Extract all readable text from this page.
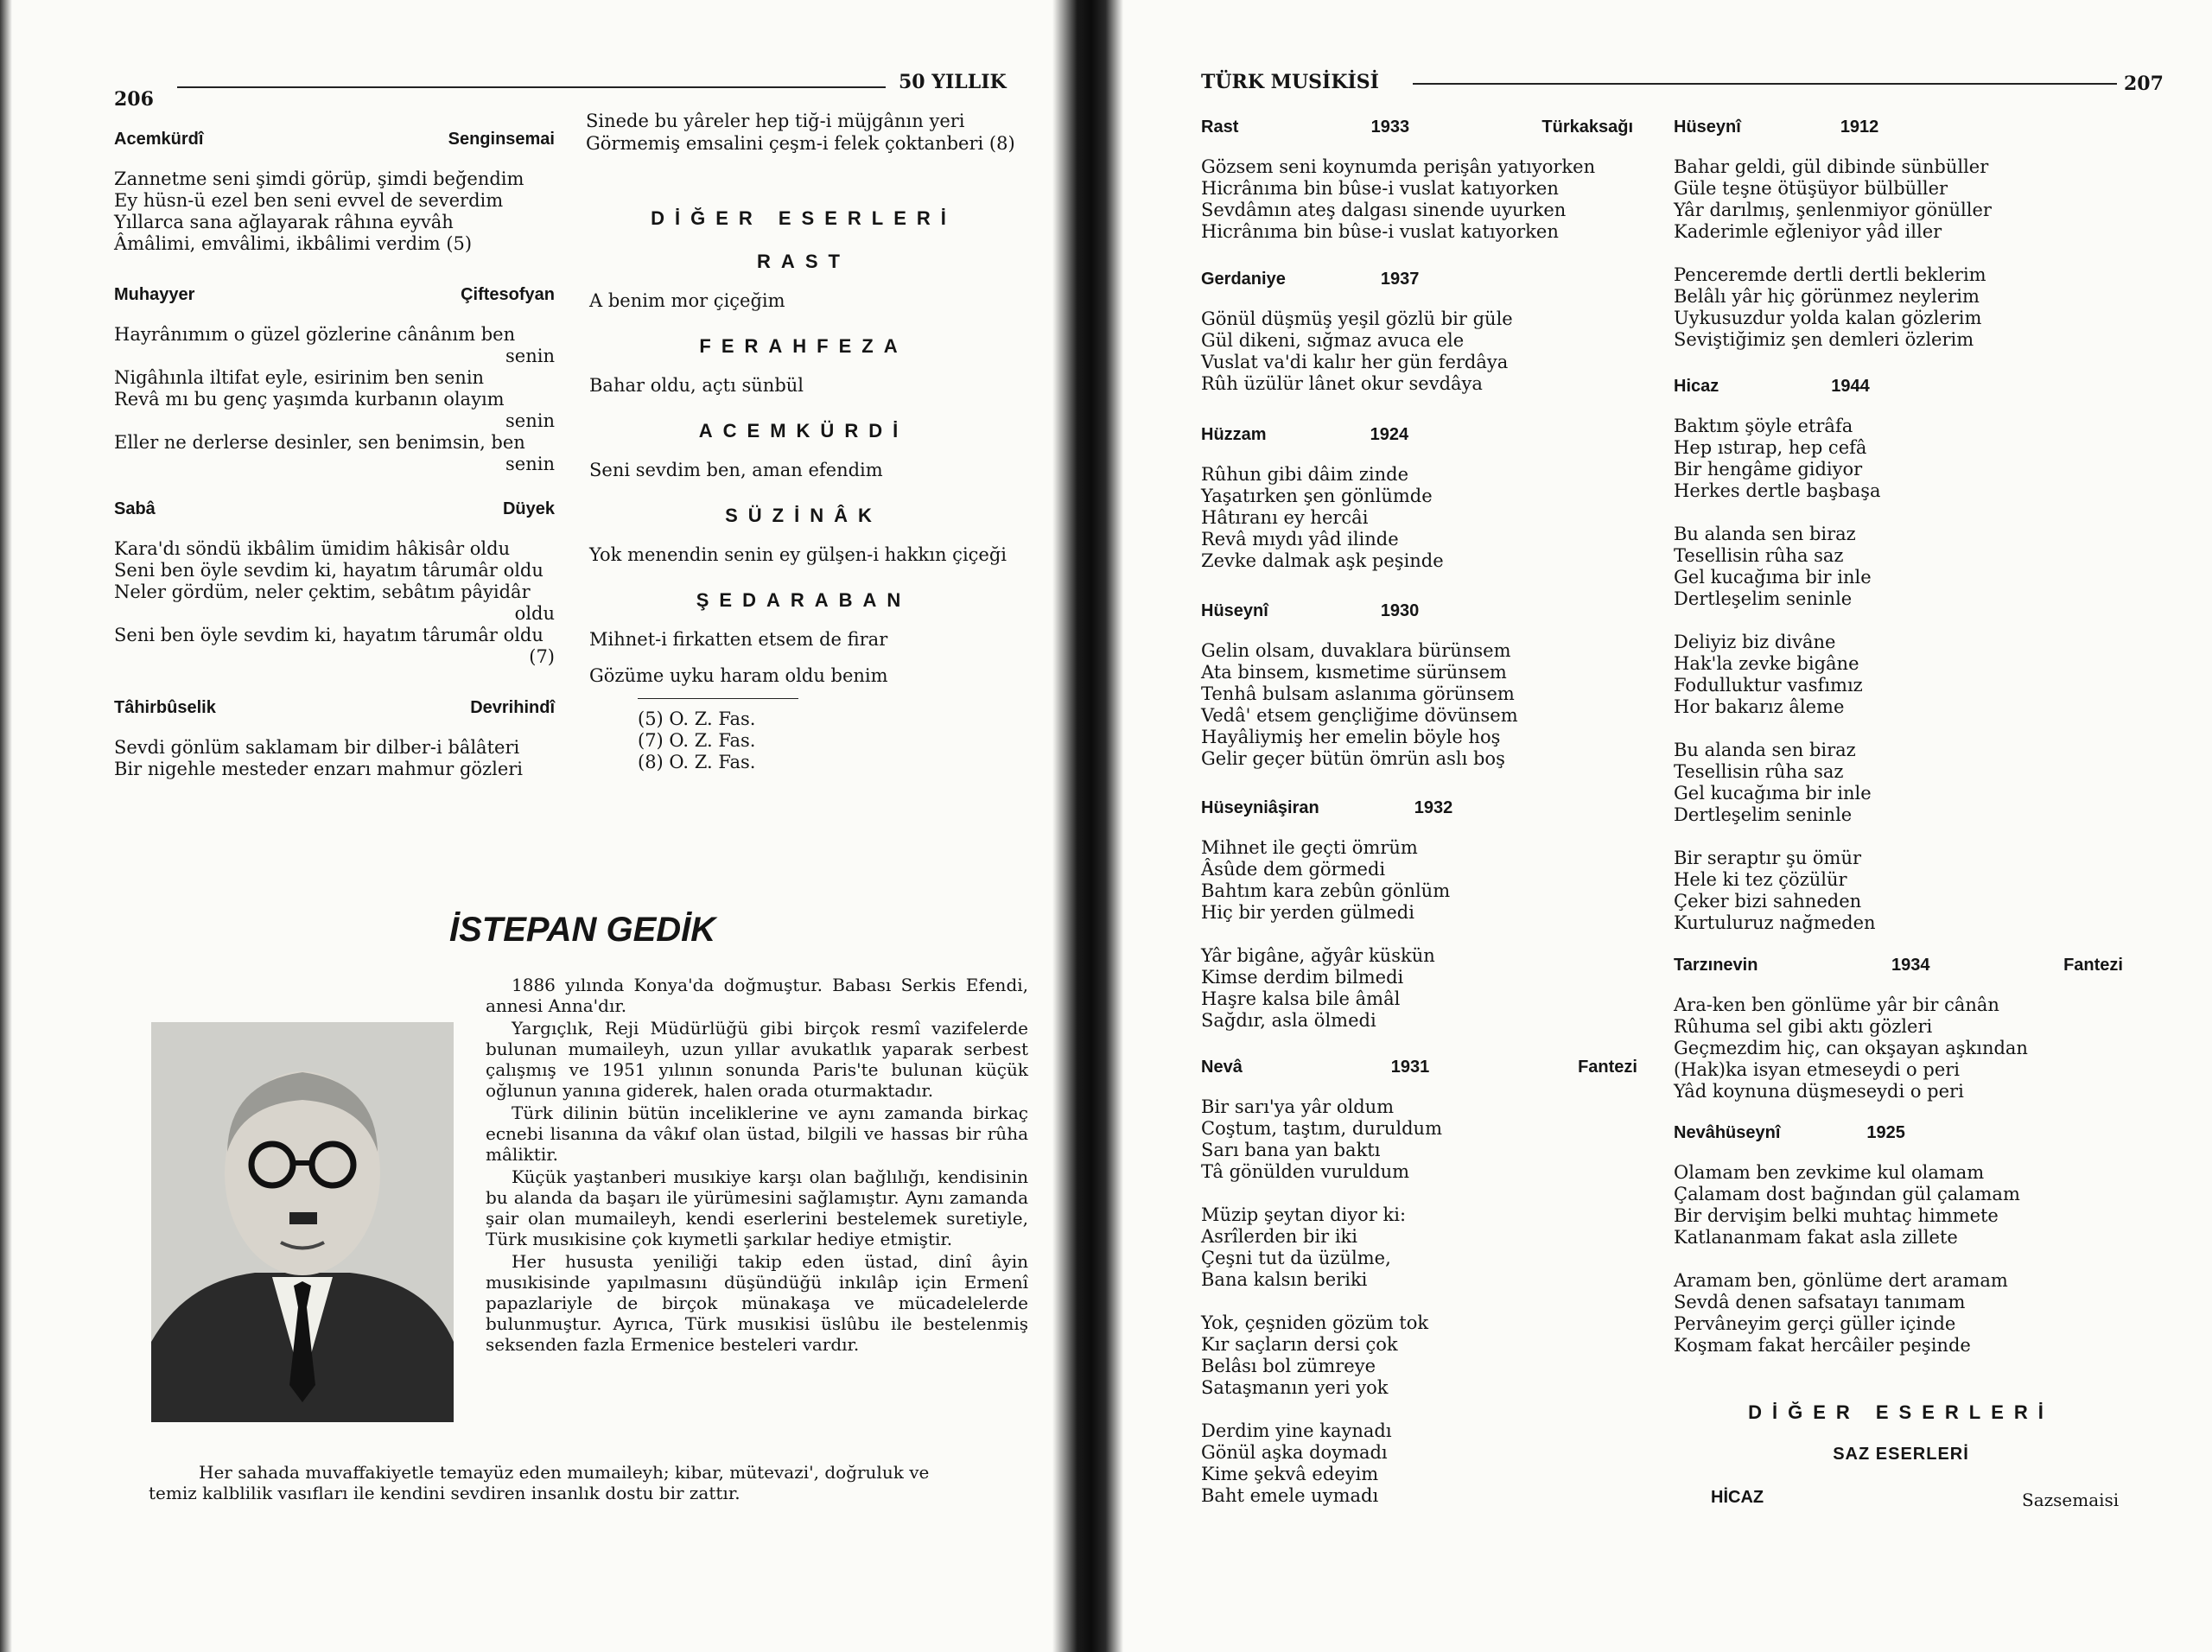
206
50 YILLIK
Acemkürdî	Senginsemai
Zannetme seni şimdi görüp, şimdi beğendim
Ey hüsn-ü ezel ben seni evvel de severdim
Yıllarca sana ağlayarak râhına eyvâh
Âmâlimi, emvâlimi, ikbâlimi verdim (5)
Muhayyer	Çiftesofyan
Hayrânımım o güzel gözlerine cânânım ben
senin
Nigâhınla iltifat eyle, esirinim ben senin
Revâ mı bu genç yaşımda kurbanın olayım
senin
Eller ne derlerse desinler, sen benimsin, ben
senin
Sabâ	Düyek
Kara'dı söndü ikbâlim ümidim hâkisâr oldu
Seni ben öyle sevdim ki, hayatım târumâr oldu
Neler gördüm, neler çektim, sebâtım pâyidâr
oldu
Seni ben öyle sevdim ki, hayatım târumâr oldu
(7)
Tâhirbûselik	Devrihindî
Sevdi gönlüm saklamam bir dilber-i bâlâteri
Bir nigehle mesteder enzarı mahmur gözleri
Sinede bu yâreler hep tiğ-i müjgânın yeri
Görmemiş emsalini çeşm-i felek çoktanberi (8)
DİĞER ESERLERİ
RAST
A benim mor çiçeğim
FERAHFEZA
Bahar oldu, açtı sünbül
ACEMKÜRDİ
Seni sevdim ben, aman efendim
SÜZİNÂK
Yok menendin senin ey gülşen-i hakkın çiçeği
ŞEDARABAN
Mihnet-i firkatten etsem de firar
Gözüme uyku haram oldu benim
(5) O. Z. Fas.
(7) O. Z. Fas.
(8) O. Z. Fas.
İSTEPAN GEDİK

1886 yılında Konya'da doğmuştur. Babası Serkis Efendi, annesi Anna'dır.

Yargıçlık, Reji Müdürlüğü gibi birçok resmî vazifelerde bulunan mumaileyh, uzun yıllar avukatlık yaparak serbest çalışmış ve 1951 yılının sonunda Paris'te bulunan küçük oğlunun yanına giderek, halen orada oturmaktadır.

Türk dilinin bütün inceliklerine ve aynı zamanda birkaç ecnebi lisanına da vâkıf olan üstad, bilgili ve hassas bir rûha mâliktir.

Küçük yaştanberi musıkiye karşı olan bağlılığı, kendisinin bu alanda da başarı ile yürümesini sağlamıştır. Aynı zamanda şair olan mumaileyh, kendi eserlerini bestelemek suretiyle, Türk musıkisine çok kıymetli şarkılar hediye etmiştir.

Her hususta yeniliği takip eden üstad, dinî âyin musıkisinde yapılmasını düşündüğü inkılâp için Ermenî papazlariyle de birçok münakaşa ve mücadelelerde bulunmuştur. Ayrıca, Türk musıkisi üslûbu ile bestelenmiş seksenden fazla Ermenice besteleri vardır.

Her sahada muvaffakiyetle temayüz eden mumaileyh; kibar, mütevazi', doğruluk ve
temiz kalblilik vasıfları ile kendini sevdiren insanlık dostu bir zattır.
TÜRK MUSİKİSİ	207
Rast	1933	Türkaksağı
Gözsem seni koynumda perişân yatıyorken
Hicrânıma bin bûse-i vuslat katıyorken
Sevdâmın ateş dalgası sinende uyurken
Hicrânıma bin bûse-i vuslat katıyorken
Gerdaniye	1937
Gönül düşmüş yeşil gözlü bir güle
Gül dikeni, sığmaz avuca ele
Vuslat va'di kalır her gün ferdâya
Rûh üzülür lânet okur sevdâya
Hüzzam	1924
Rûhun gibi dâim zinde
Yaşatırken şen gönlümde
Hâtıranı ey hercâi
Revâ mıydı yâd ilinde
Zevke dalmak aşk peşinde
Hüseynî	1930
Gelin olsam, duvaklara bürünsem
Ata binsem, kısmetime sürünsem
Tenhâ bulsam aslanıma görünsem
Vedâ' etsem gençliğime dövünsem
Hayâliymiş her emelin böyle hoş
Gelir geçer bütün ömrün aslı boş
Hüseyniâşiran	1932
Mihnet ile geçti ömrüm
Âsûde dem görmedi
Bahtım kara zebûn gönlüm
Hiç bir yerden gülmedi
Yâr bigâne, ağyâr küskün
Kimse derdim bilmedi
Haşre kalsa bile âmâl
Sağdır, asla ölmedi
Nevâ	1931	Fantezi
Bir sarı'ya yâr oldum
Coştum, taştım, duruldum
Sarı bana yan baktı
Tâ gönülden vuruldum
Müzip şeytan diyor ki:
Asrîlerden bir iki
Çeşni tut da üzülme,
Bana kalsın beriki
Yok, çeşniden gözüm tok
Kır saçların dersi çok
Belâsı bol zümreye
Sataşmanın yeri yok
Derdim yine kaynadı
Gönül aşka doymadı
Kime şekvâ edeyim
Baht emele uymadı
Hüseynî	1912
Bahar geldi, gül dibinde sünbüller
Güle teşne ötüşüyor bülbüller
Yâr darılmış, şenlenmiyor gönüller
Kaderimle eğleniyor yâd iller
Penceremde dertli dertli beklerim
Belâlı yâr hiç görünmez neylerim
Uykusuzdur yolda kalan gözlerim
Seviştiğimiz şen demleri özlerim
Hicaz	1944
Baktım şöyle etrâfa
Hep ıstırap, hep cefâ
Bir hengâme gidiyor
Herkes dertle başbaşa
Bu alanda sen biraz
Tesellisin rûha saz
Gel kucağıma bir inle
Dertleşelim seninle
Deliyiz biz divâne
Hak'la zevke bigâne
Fodulluktur vasfımız
Hor bakarız âleme
Bu alanda sen biraz
Tesellisin rûha saz
Gel kucağıma bir inle
Dertleşelim seninle
Bir seraptır şu ömür
Hele ki tez çözülür
Çeker bizi sahneden
Kurtuluruz nağmeden
Tarzınevin	1934	Fantezi
Ara-ken ben gönlüme yâr bir cânân
Rûhuma sel gibi aktı gözleri
Geçmezdim hiç, can okşayan aşkından
(Hak)ka isyan etmeseydi o peri
Yâd koynuna düşmeseydi o peri
Nevâhüseynî	1925
Olamam ben zevkime kul olamam
Çalamam dost bağından gül çalamam
Bir dervişim belki muhtaç himmete
Katlananmam fakat asla zillete
Aramam ben, gönlüme dert aramam
Sevdâ denen safsatayı tanımam
Pervâneyim gerçi güller içinde
Koşmam fakat hercâiler peşinde
DİĞER ESERLERİ
SAZ ESERLERİ
HİCAZ	Sazsemaisi
